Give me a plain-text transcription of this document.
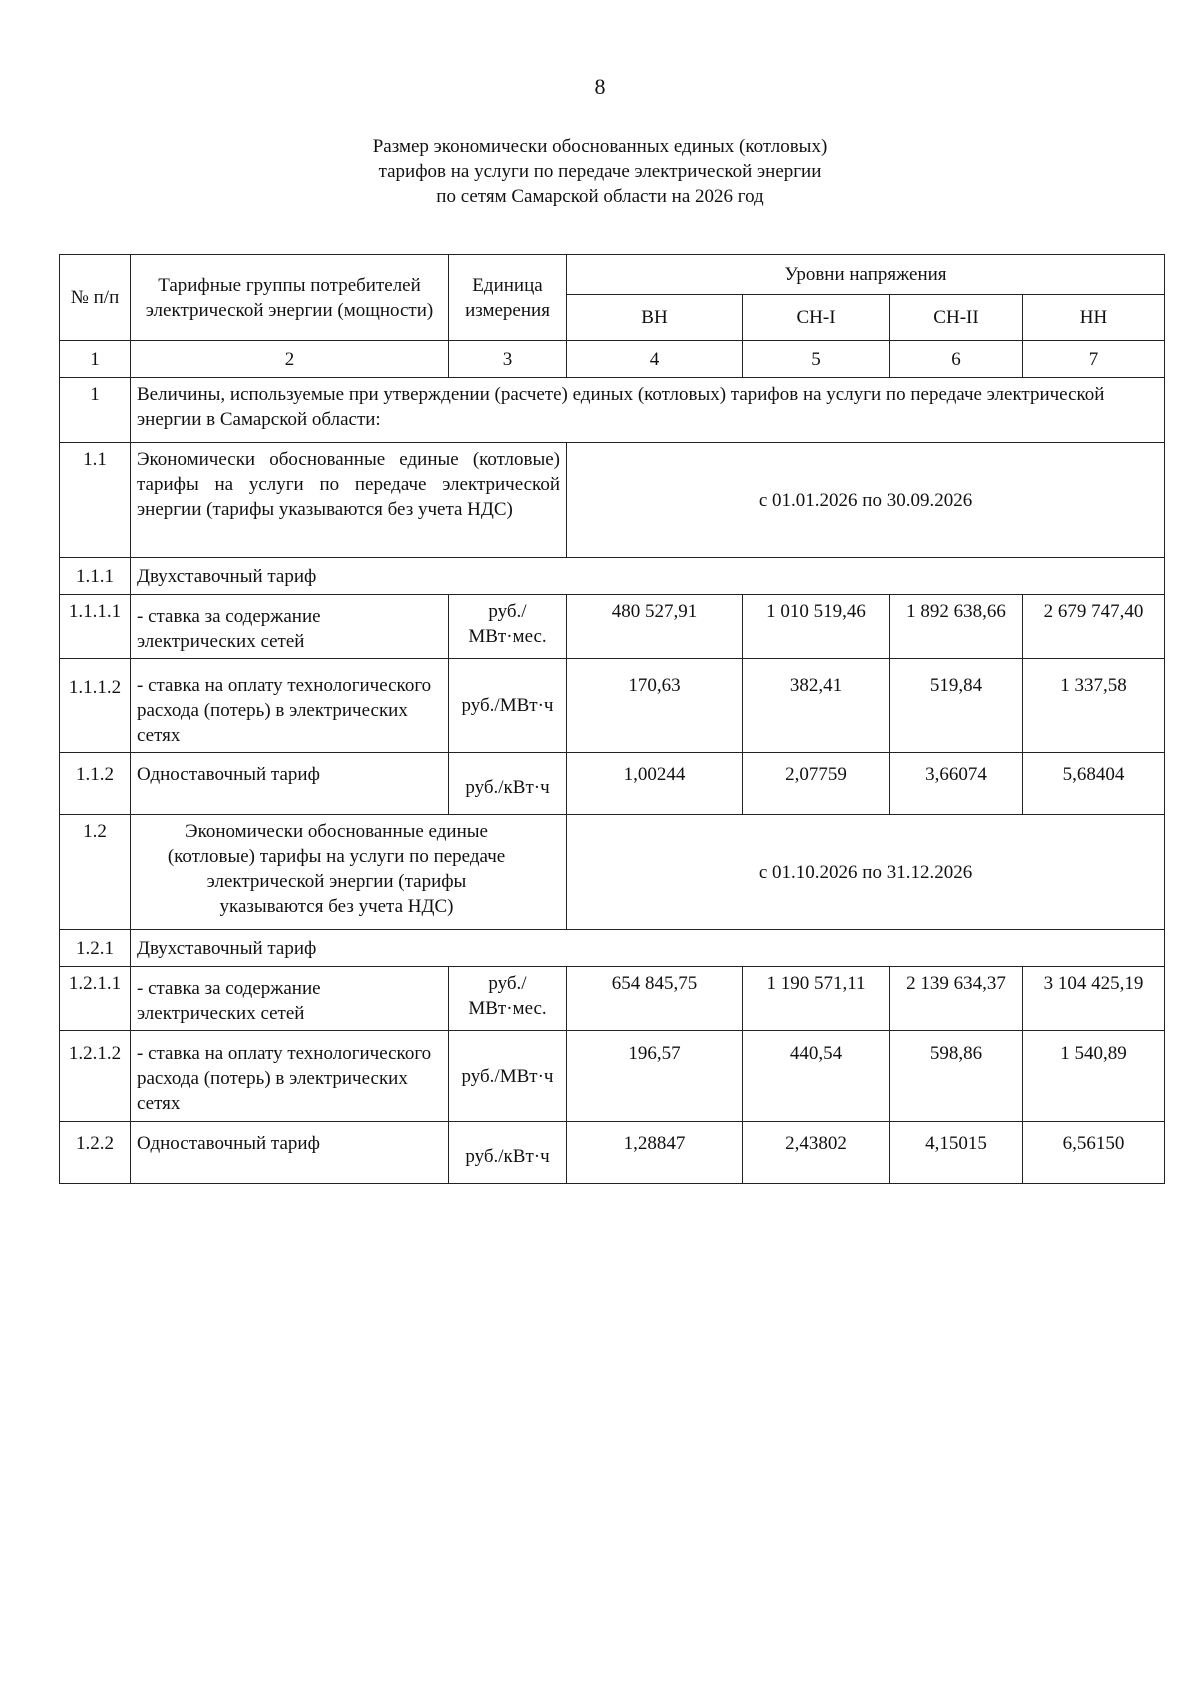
8
Размер экономически обоснованных единых (котловых)
тарифов на услуги по передаче электрической энергии
по сетям Самарской области на 2026 год
№ п/п	Тарифные группы потребителей электрической энергии (мощности)	Единица измерения	Уровни напряжения			
			ВН	СН-I	СН-II	НН
1	2	3	4	5	6	7
1	Величины, используемые при утверждении (расчете) единых (котловых) тарифов на услуги по передаче электрической энергии в Самарской области:					
1.1	Экономически обоснованные единые (котловые) тарифы на услуги по передаче электрической энергии (тарифы указываются без учета НДС)		с 01.01.2026 по 30.09.2026			
1.1.1	Двухставочный тариф					
1.1.1.1	- ставка за содержание электрических сетей	руб./МВт·мес.	480 527,91	1 010 519,46	1 892 638,66	2 679 747,40
1.1.1.2	- ставка на оплату технологического расхода (потерь) в электрических сетях	руб./МВт·ч	170,63	382,41	519,84	1 337,58
1.1.2	Одноставочный тариф	руб./кВт·ч	1,00244	2,07759	3,66074	5,68404
1.2	Экономически обоснованные единые (котловые) тарифы на услуги по передаче электрической энергии (тарифы указываются без учета НДС)		с 01.10.2026 по 31.12.2026			
1.2.1	Двухставочный тариф					
1.2.1.1	- ставка за содержание электрических сетей	руб./МВт·мес.	654 845,75	1 190 571,11	2 139 634,37	3 104 425,19
1.2.1.2	- ставка на оплату технологического расхода (потерь) в электрических сетях	руб./МВт·ч	196,57	440,54	598,86	1 540,89
1.2.2	Одноставочный тариф	руб./кВт·ч	1,28847	2,43802	4,15015	6,56150
